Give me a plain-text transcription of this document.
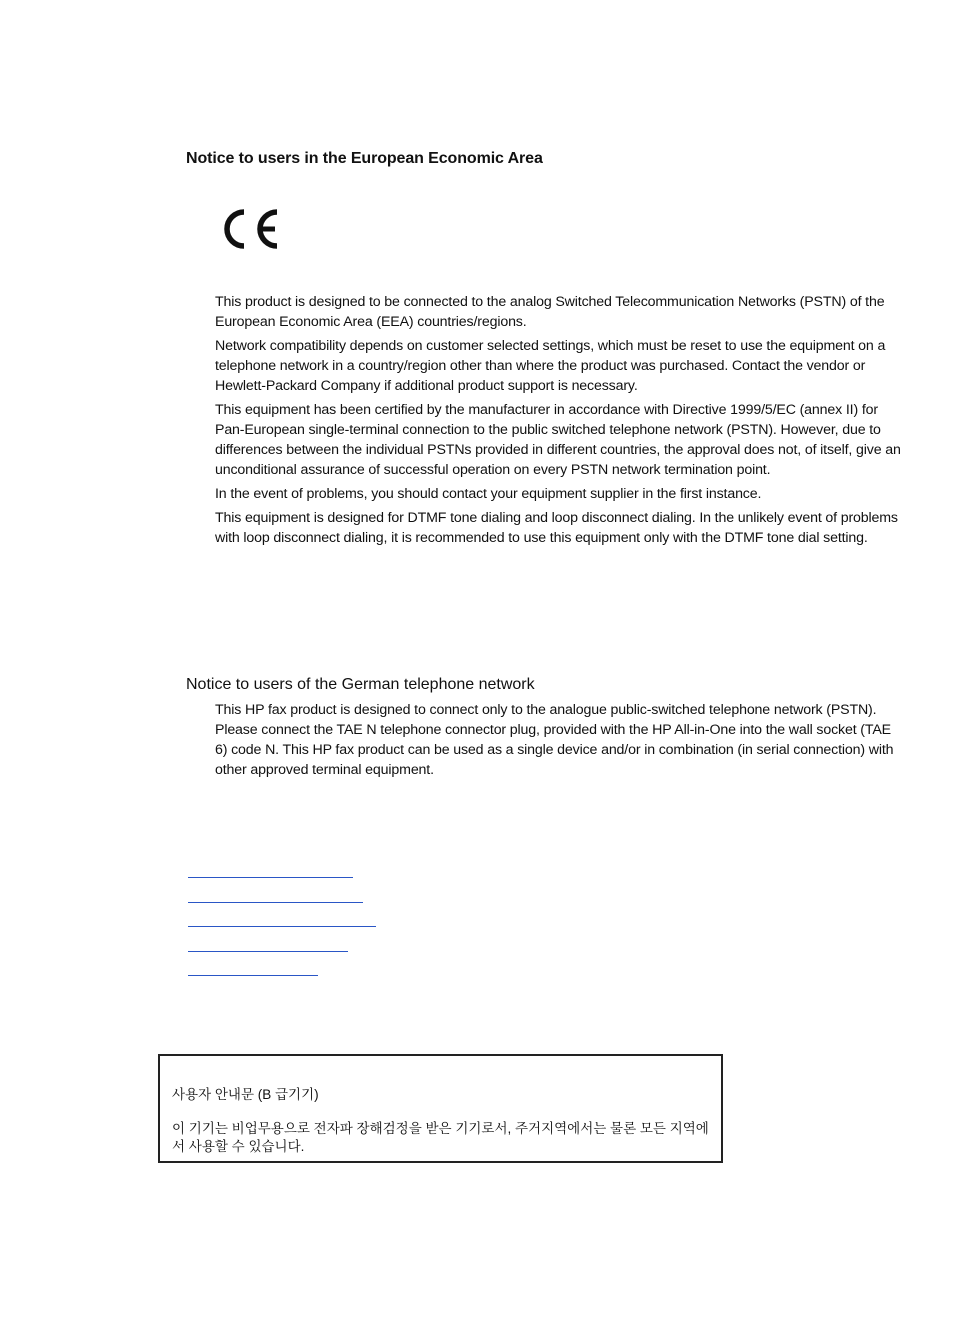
Notice to users in the European Economic Area

This product is designed to be connected to the analog Switched Telecommunication Networks (PSTN) of the European Economic Area (EEA) countries/regions.

Network compatibility depends on customer selected settings, which must be reset to use the equipment on a telephone network in a country/region other than where the product was purchased. Contact the vendor or Hewlett-Packard Company if additional product support is necessary.

This equipment has been certified by the manufacturer in accordance with Directive 1999/5/EC (annex II) for Pan-European single-terminal connection to the public switched telephone network (PSTN). However, due to differences between the individual PSTNs provided in different countries, the approval does not, of itself, give an unconditional assurance of successful operation on every PSTN network termination point.

In the event of problems, you should contact your equipment supplier in the first instance.

This equipment is designed for DTMF tone dialing and loop disconnect dialing. In the unlikely event of problems with loop disconnect dialing, it is recommended to use this equipment only with the DTMF tone dial setting.

Notice to users of the German telephone network

This HP fax product is designed to connect only to the analogue public-switched telephone network (PSTN). Please connect the TAE N telephone connector plug, provided with the HP All-in-One into the wall socket (TAE 6) code N. This HP fax product can be used as a single device and/or in combination (in serial connection) with other approved terminal equipment.

사용자 안내문 (B 급기기)
이 기기는 비업무용으로 전자파 장해검정을 받은 기기로서, 주거지역에서는 물론 모든 지역에서 사용할 수 있습니다.
